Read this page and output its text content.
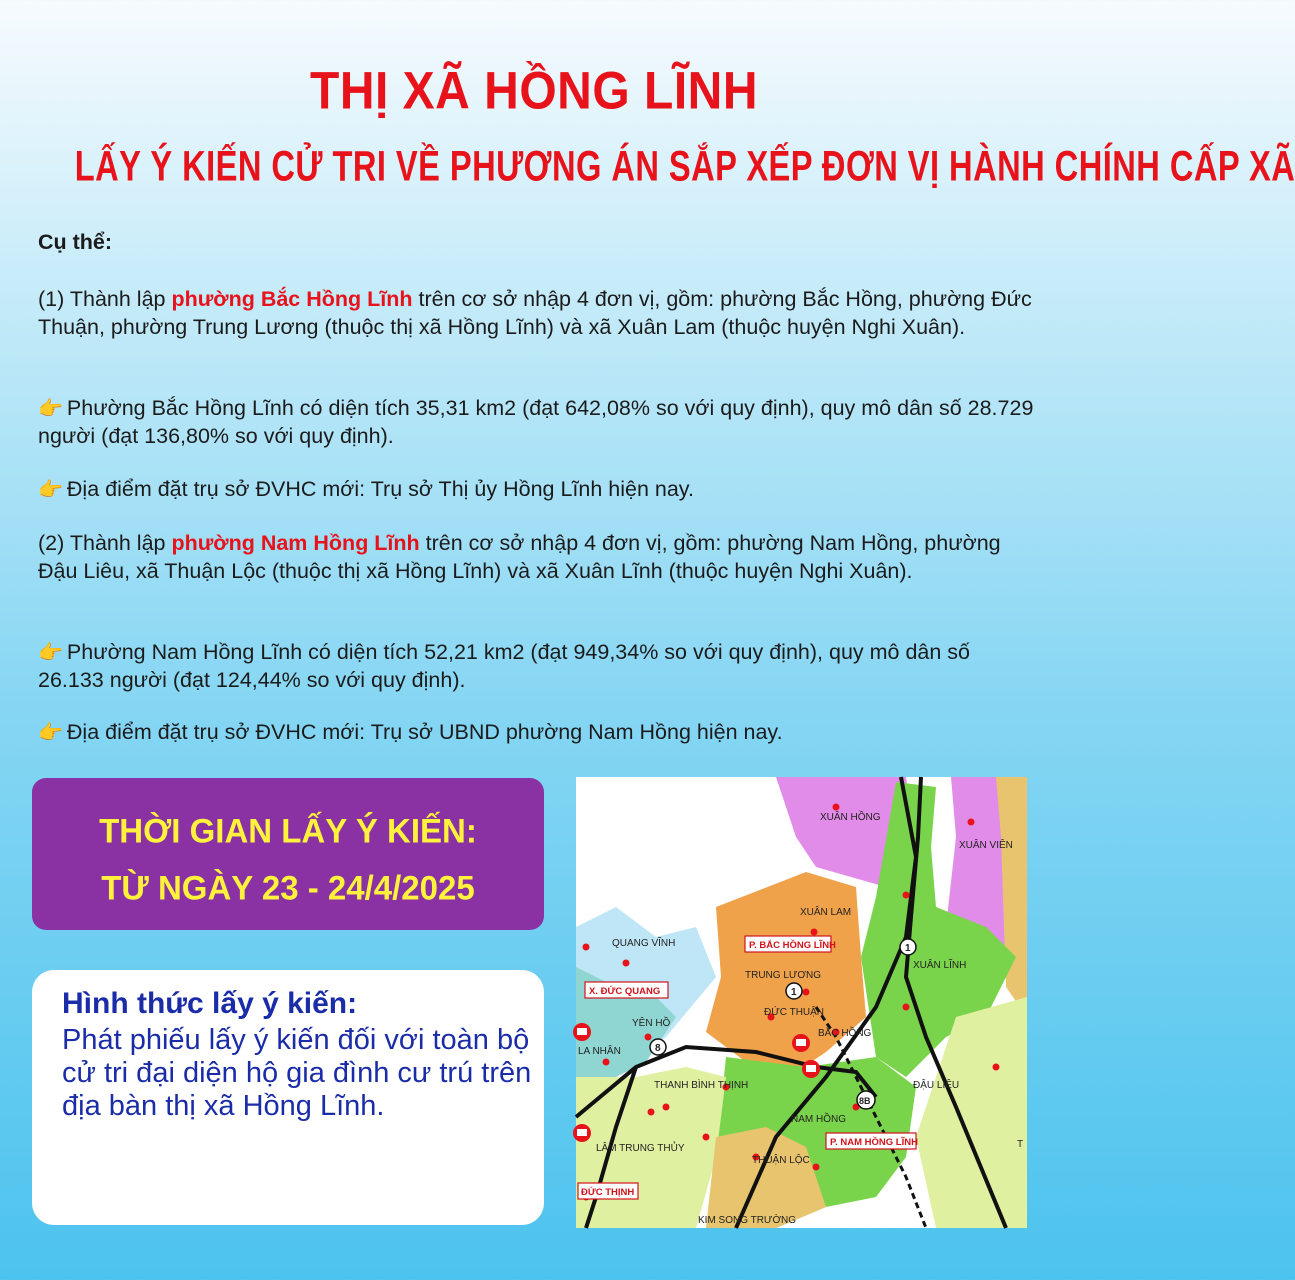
THỊ XÃ HỒNG LĨNH
LẤY Ý KIẾN CỬ TRI VỀ PHƯƠNG ÁN SẮP XẾP ĐƠN VỊ HÀNH CHÍNH CẤP XÃ

Cụ thể:

(1) Thành lập phường Bắc Hồng Lĩnh trên cơ sở nhập 4 đơn vị, gồm: phường Bắc Hồng, phường Đức Thuận, phường Trung Lương (thuộc thị xã Hồng Lĩnh) và xã Xuân Lam (thuộc huyện Nghi Xuân).

👉 Phường Bắc Hồng Lĩnh có diện tích 35,31 km2 (đạt 642,08% so với quy định), quy mô dân số 28.729 người (đạt 136,80% so với quy định).

👉 Địa điểm đặt trụ sở ĐVHC mới: Trụ sở Thị ủy Hồng Lĩnh hiện nay.

(2) Thành lập phường Nam Hồng Lĩnh trên cơ sở nhập 4 đơn vị, gồm: phường Nam Hồng, phường Đậu Liêu, xã Thuận Lộc (thuộc thị xã Hồng Lĩnh) và xã Xuân Lĩnh (thuộc huyện Nghi Xuân).

👉 Phường Nam Hồng Lĩnh có diện tích 52,21 km2 (đạt 949,34% so với quy định), quy mô dân số 26.133 người (đạt 124,44% so với quy định).

👉 Địa điểm đặt trụ sở ĐVHC mới: Trụ sở UBND phường Nam Hồng hiện nay.

THỜI GIAN LẤY Ý KIẾN:
TỪ NGÀY 23 - 24/4/2025
Hình thức lấy ý kiến:
Phát phiếu lấy ý kiến đối với toàn bộ cử tri đại diện hộ gia đình cư trú trên địa bàn thị xã Hồng Lĩnh.
1
1
8
8B
XUÂN HỒNG
XUÂN VIÊN
XUÂN LAM
P. BẮC HỒNG LĨNH
QUANG VĨNH
XUÂN LĨNH
TRUNG LƯƠNG
X. ĐỨC QUANG
YÊN HỒ
ĐỨC THUẬN
BẮC HỒNG
LA NHÂN
THANH BÌNH THỊNH	ĐẬU LIÊU
NAM HỒNG
P. NAM HỒNG LĨNH
LÂM TRUNG THỦY
THUẬN LỘC
ĐỨC THỊNH
KIM SONG TRƯỜNG
T
